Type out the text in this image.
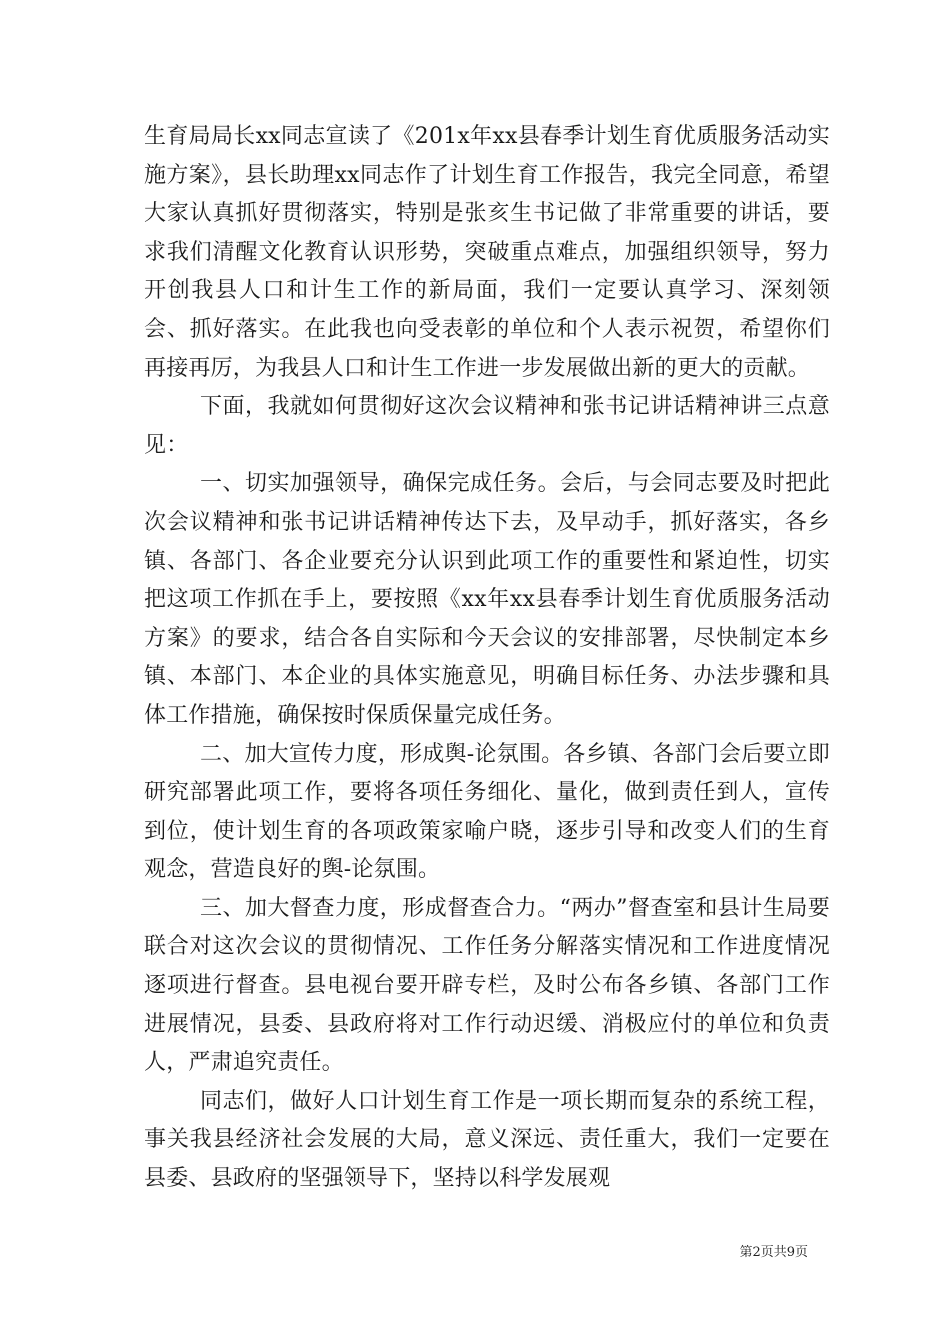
生育局局长xx同志宣读了《201x年xx县春季计划生育优质服务活动实施方案》，县长助理xx同志作了计划生育工作报告，我完全同意，希望大家认真抓好贯彻落实，特别是张亥生书记做了非常重要的讲话，要求我们清醒文化教育认识形势，突破重点难点，加强组织领导，努力开创我县人口和计生工作的新局面，我们一定要认真学习、深刻领会、抓好落实。在此我也向受表彰的单位和个人表示祝贺，希望你们再接再厉，为我县人口和计生工作进一步发展做出新的更大的贡献。

下面，我就如何贯彻好这次会议精神和张书记讲话精神讲三点意见：

一、切实加强领导，确保完成任务。会后，与会同志要及时把此次会议精神和张书记讲话精神传达下去，及早动手，抓好落实，各乡镇、各部门、各企业要充分认识到此项工作的重要性和紧迫性，切实把这项工作抓在手上，要按照《xx年xx县春季计划生育优质服务活动方案》的要求，结合各自实际和今天会议的安排部署，尽快制定本乡镇、本部门、本企业的具体实施意见，明确目标任务、办法步骤和具体工作措施，确保按时保质保量完成任务。

二、加大宣传力度，形成舆-论氛围。各乡镇、各部门会后要立即研究部署此项工作，要将各项任务细化、量化，做到责任到人，宣传到位，使计划生育的各项政策家喻户晓，逐步引导和改变人们的生育观念，营造良好的舆-论氛围。

三、加大督查力度，形成督查合力。“两办”督查室和县计生局要联合对这次会议的贯彻情况、工作任务分解落实情况和工作进度情况逐项进行督查。县电视台要开辟专栏，及时公布各乡镇、各部门工作进展情况，县委、县政府将对工作行动迟缓、消极应付的单位和负责人，严肃追究责任。

同志们，做好人口计划生育工作是一项长期而复杂的系统工程，事关我县经济社会发展的大局，意义深远、责任重大，我们一定要在县委、县政府的坚强领导下，坚持以科学发展观

第2页共9页
